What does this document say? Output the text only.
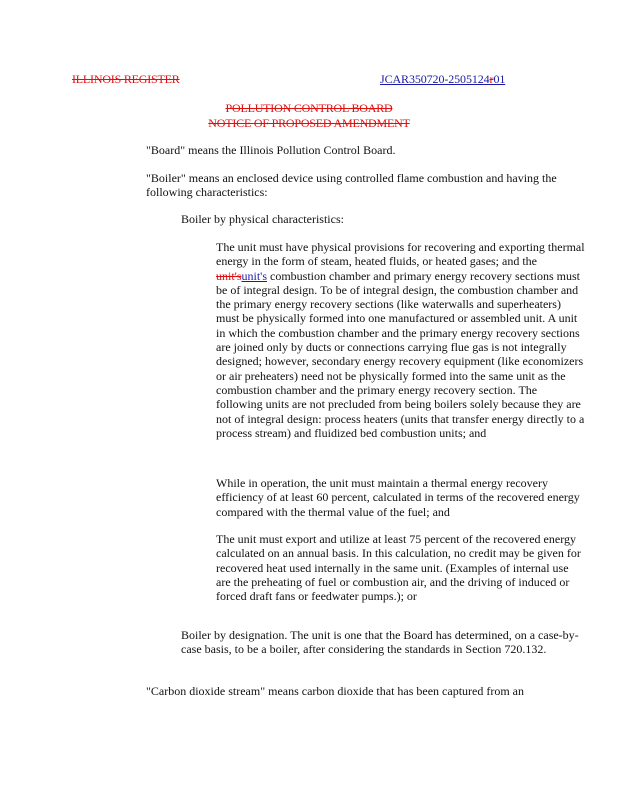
ILLINOIS REGISTER	JCAR350720-2505124r01
POLLUTION CONTROL BOARD
NOTICE OF PROPOSED AMENDMENT

"Board" means the Illinois Pollution Control Board.

"Boiler" means an enclosed device using controlled flame combustion and having the following characteristics:

Boiler by physical characteristics:

The unit must have physical provisions for recovering and exporting thermal energy in the form of steam, heated fluids, or heated gases; and the unit'sunit's combustion chamber and primary energy recovery sections must be of integral design. To be of integral design, the combustion chamber and the primary energy recovery sections (like waterwalls and superheaters) must be physically formed into one manufactured or assembled unit. A unit in which the combustion chamber and the primary energy recovery sections are joined only by ducts or connections carrying flue gas is not integrally designed; however, secondary energy recovery equipment (like economizers or air preheaters) need not be physically formed into the same unit as the combustion chamber and the primary energy recovery section. The following units are not precluded from being boilers solely because they are not of integral design: process heaters (units that transfer energy directly to a process stream) and fluidized bed combustion units; and

While in operation, the unit must maintain a thermal energy recovery efficiency of at least 60 percent, calculated in terms of the recovered energy compared with the thermal value of the fuel; and

The unit must export and utilize at least 75 percent of the recovered energy calculated on an annual basis. In this calculation, no credit may be given for recovered heat used internally in the same unit. (Examples of internal use are the preheating of fuel or combustion air, and the driving of induced or forced draft fans or feedwater pumps.); or

Boiler by designation. The unit is one that the Board has determined, on a case-by-case basis, to be a boiler, after considering the standards in Section 720.132.

"Carbon dioxide stream" means carbon dioxide that has been captured from an
